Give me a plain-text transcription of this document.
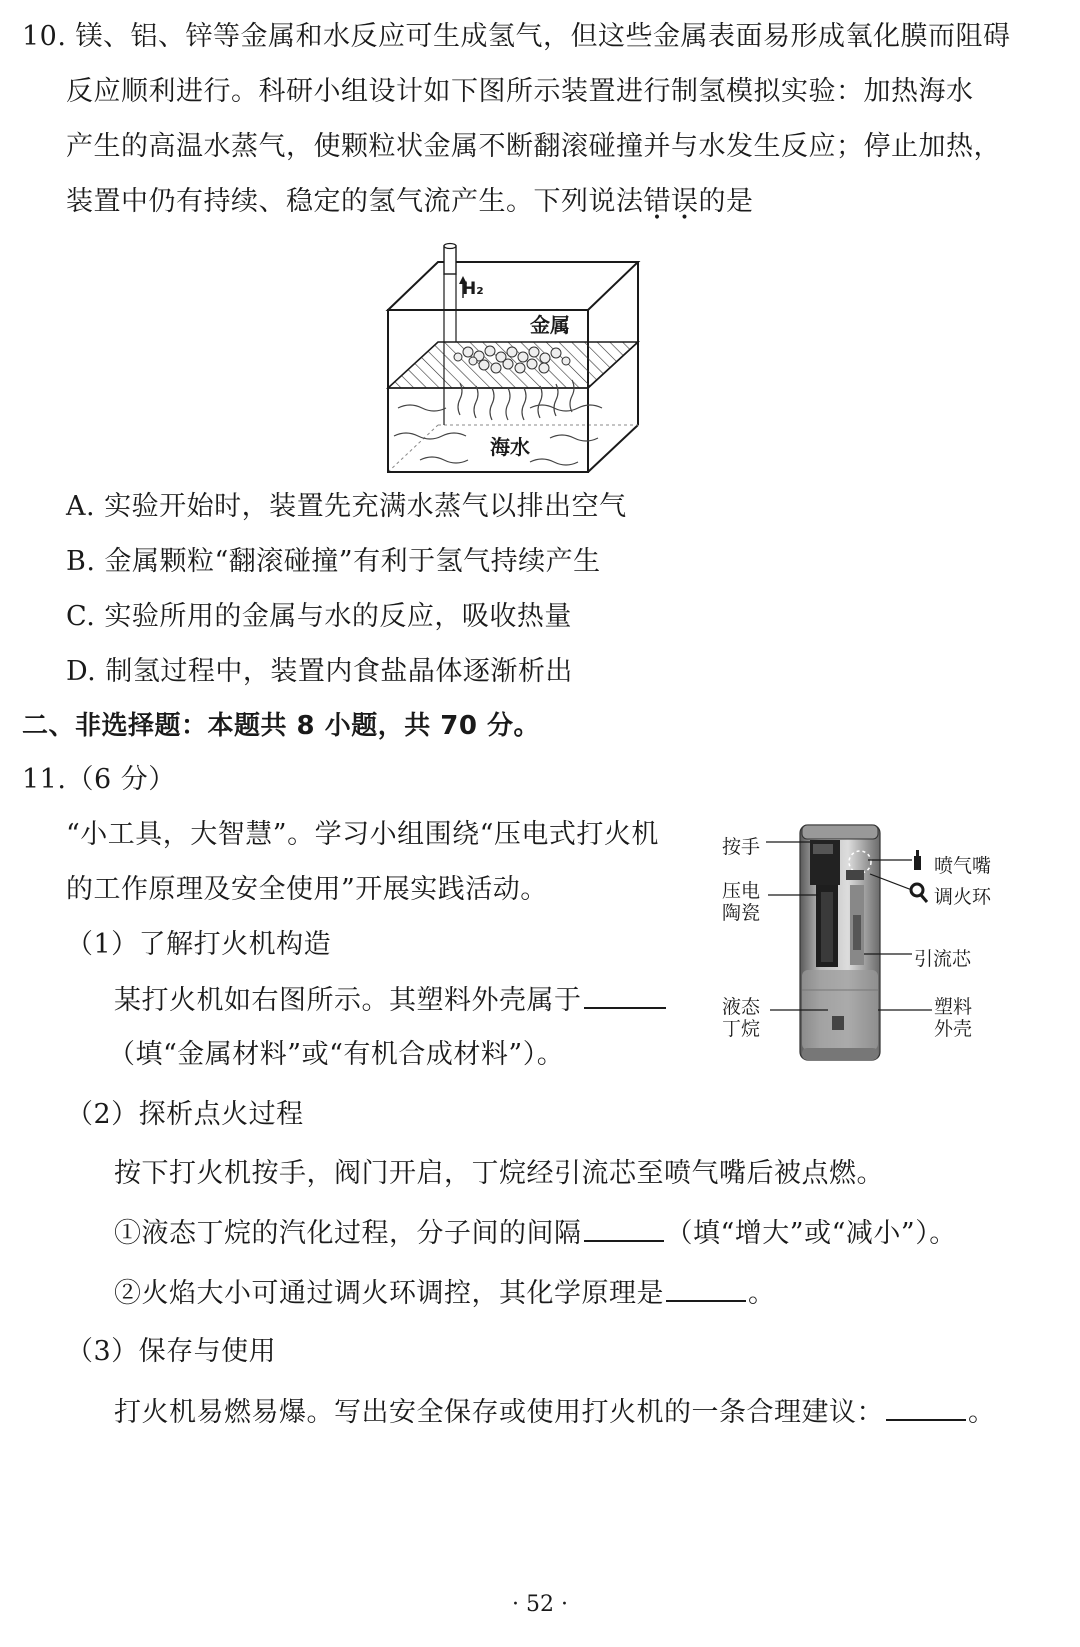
10. 镁、铝、锌等金属和水反应可生成氢气，但这些金属表面易形成氧化膜而阻碍
反应顺利进行。科研小组设计如下图所示装置进行制氢模拟实验：加热海水
产生的高温水蒸气，使颗粒状金属不断翻滚碰撞并与水发生反应；停止加热，
装置中仍有持续、稳定的氢气流产生。下列说法错误的是
H₂
金属
海水
A. 实验开始时，装置先充满水蒸气以排出空气
B. 金属颗粒“翻滚碰撞”有利于氢气持续产生
C. 实验所用的金属与水的反应，吸收热量
D. 制氢过程中，装置内食盐晶体逐渐析出
二、非选择题：本题共 8 小题，共 70 分。
11.（6 分）
“小工具，大智慧”。学习小组围绕“压电式打火机
的工作原理及安全使用”开展实践活动。
（1）了解打火机构造
某打火机如右图所示。其塑料外壳属于
（填“金属材料”或“有机合成材料”）。
按手
压电
陶瓷
液态
丁烷
喷气嘴
调火环
引流芯
塑料
外壳
（2）探析点火过程
按下打火机按手，阀门开启，丁烷经引流芯至喷气嘴后被点燃。
①液态丁烷的汽化过程，分子间的间隔	（填“增大”或“减小”）。
②火焰大小可通过调火环调控，其化学原理是	。
（3）保存与使用
打火机易燃易爆。写出安全保存或使用打火机的一条合理建议：	。
· 52 ·
